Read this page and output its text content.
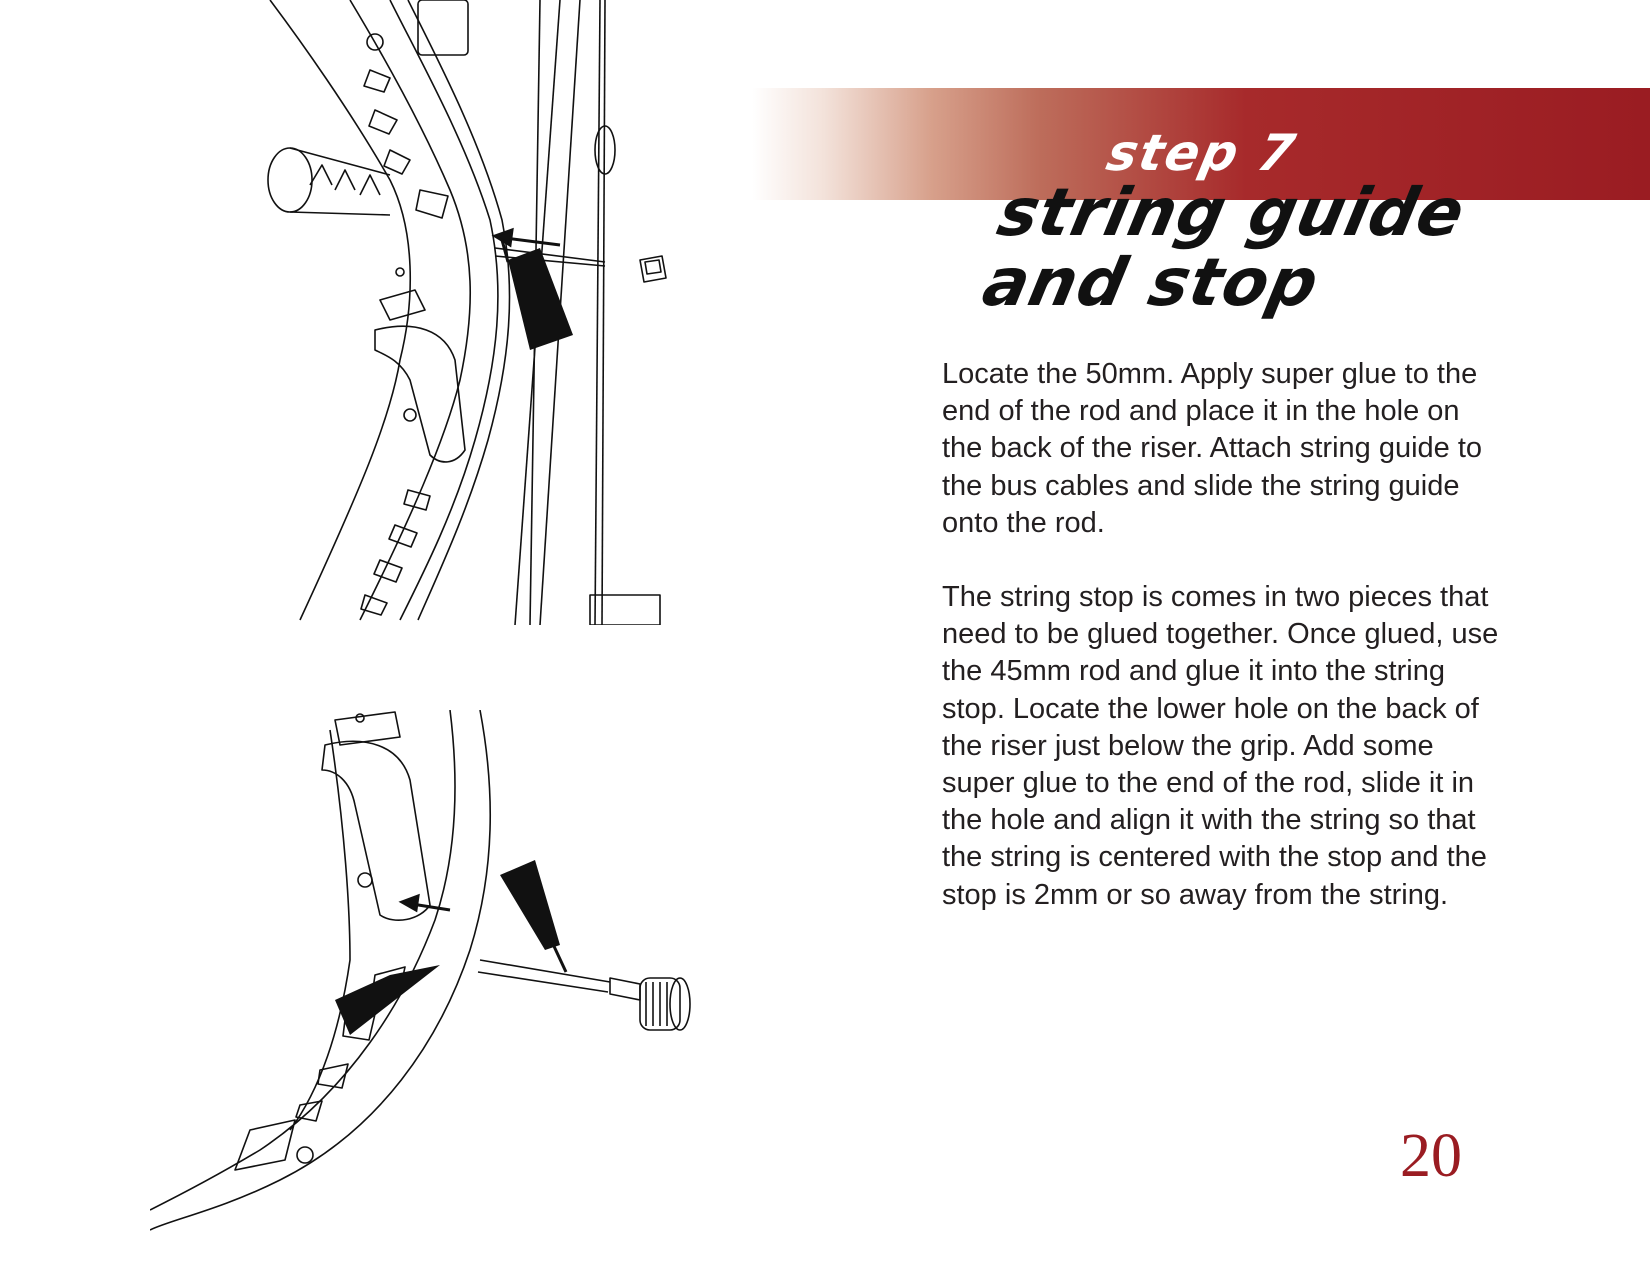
step 7
string guide
and stop

Locate the 50mm. Apply super glue to the end of the rod and place it in the hole on the back of the riser. Attach string guide to the bus cables and slide the string guide onto the rod.

The string stop is comes in two pieces that need to be glued together. Once glued, use the 45mm rod and glue it into the string stop. Locate the lower hole on the back of the riser just below the grip. Add some super glue to the end of the rod, slide it in the hole and align it with the string so that the string is centered with the stop and the stop is 2mm or so away from the string.

20
